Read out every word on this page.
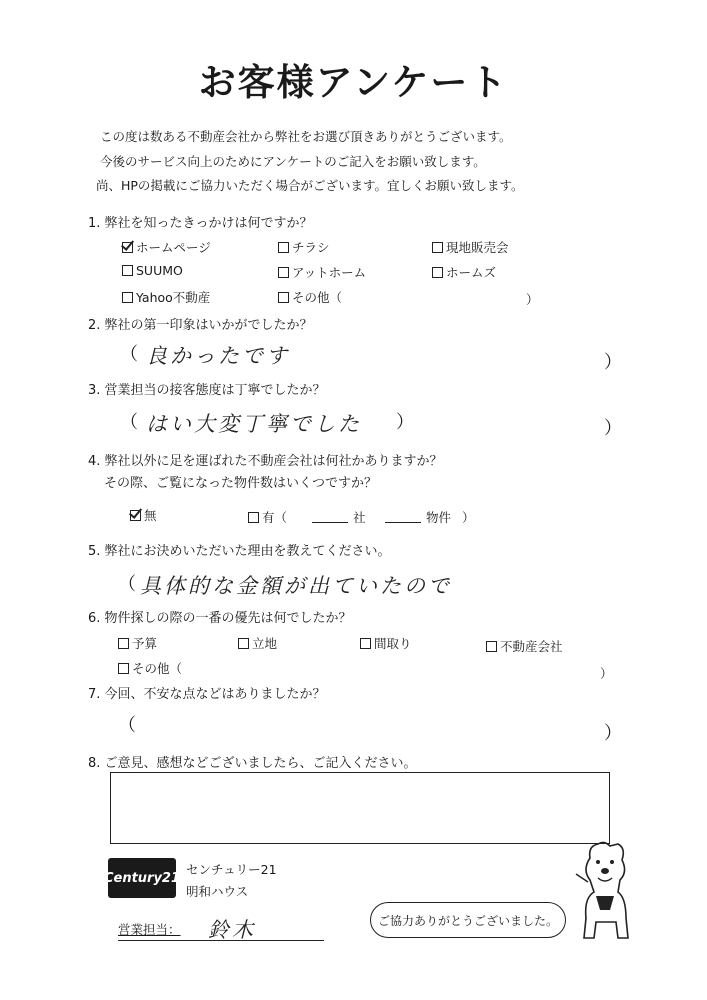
お客様アンケート
この度は数ある不動産会社から弊社をお選び頂きありがとうございます。
今後のサービス向上のためにアンケートのご記入をお願い致します。
尚、HPの掲載にご協力いただく場合がございます。宜しくお願い致します。
1. 弊社を知ったきっかけは何ですか？
ホームページ	チラシ	現地販売会
SUUMO	アットホーム	ホームズ
Yahoo不動産	その他（	）
2. 弊社の第一印象はいかがでしたか？
（ 良かったです	）
3. 営業担当の接客態度は丁寧でしたか？
（ はい大変丁寧でした ）	）
4. 弊社以外に足を運ばれた不動産会社は何社かありますか？
その際、ご覧になった物件数はいくつですか？
無	有（	社	物件 ）
5. 弊社にお決めいただいた理由を教えてください。
（ 具体的な金額が出ていたので
6. 物件探しの際の一番の優先は何でしたか？
予算	立地	間取り	不動産会社
その他（	）
7. 今回、不安な点などはありましたか？
（	）
8. ご意見、感想などございましたら、ご記入ください。
Century21
センチュリー21
明和ハウス
営業担当： 鈴木	ご協力ありがとうございました。
